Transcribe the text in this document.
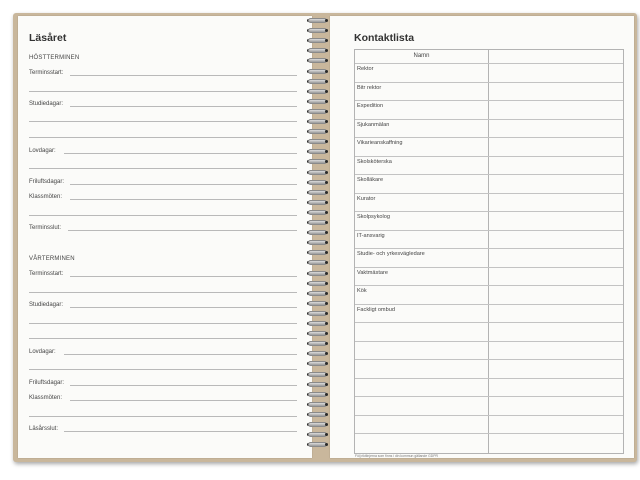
Läsåret
HÖSTTERMINEN
Terminsstart:
Studiedagar:
Lovdagar:
Friluftsdagar:
Klassmöten:
Terminsslut:
VÅRTERMINEN
Terminsstart:
Studiedagar:
Lovdagar:
Friluftsdagar:
Klassmöten:
Läsårsslut:
Kontaktlista
Namn
Rektor
Bitr rektor
Expedition
Sjukanmälan
Vikarieanskaffning
Skolsköterska
Skolläkare
Kurator
Skolpsykolog
IT-ansvarig
Studie- och yrkesvägledare
Vaktmästare
Kök
Fackligt ombud
Följ riktlinjerna som finns i din kommun gällande GDPR
